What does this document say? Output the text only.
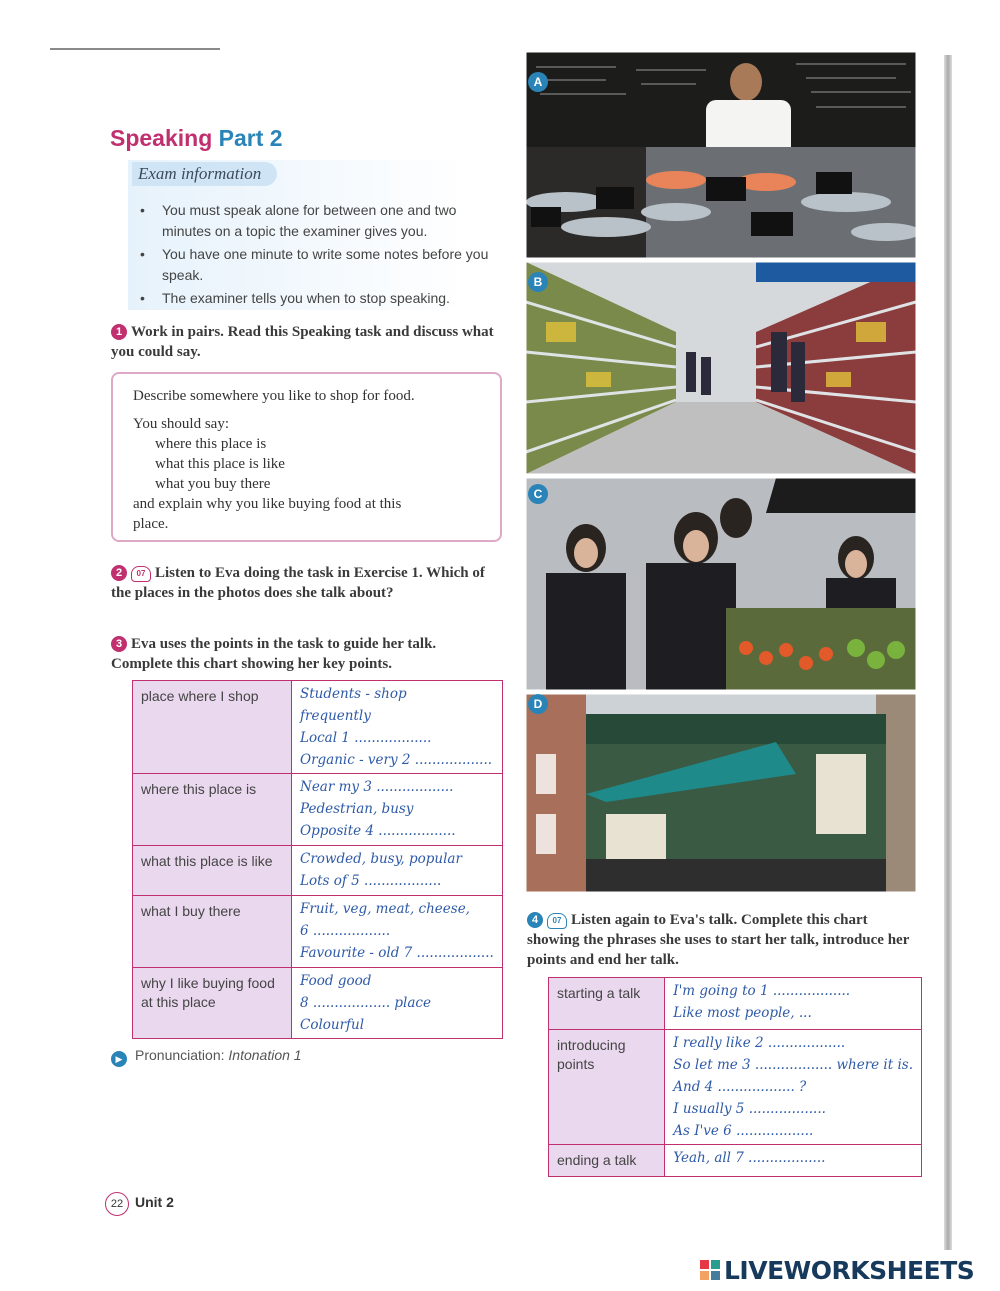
Speaking Part 2
Exam information
• You must speak alone for between one and two minutes on a topic the examiner gives you.
• You have one minute to write some notes before you speak.
• The examiner tells you when to stop speaking.
1 Work in pairs. Read this Speaking task and discuss what you could say.
Describe somewhere you like to shop for food.
You should say:
where this place is
what this place is like
what you buy there
and explain why you like buying food at this
place.
2 07 Listen to Eva doing the task in Exercise 1. Which of the places in the photos does she talk about?
3 Eva uses the points in the task to guide her talk. Complete this chart showing her key points.
place where I shop	Students - shop
frequently
Local 1 ..................
Organic - very 2 ..................

where this place is	Near my 3 ..................
Pedestrian, busy
Opposite 4 ..................

what this place is like	Crowded, busy, popular
Lots of 5 ..................

what I buy there	Fruit, veg, meat, cheese,
6 ..................
Favourite - old 7 ..................

why I like buying food at this place	Food good
8 .................. place
Colourful
▶ Pronunciation: Intonation 1
A
B
C
D
4 07 Listen again to Eva's talk. Complete this chart showing the phrases she uses to start her talk, introduce her points and end her talk.
starting a talk	I'm going to 1 ..................
Like most people, ...

introducing points	I really like 2 ..................
So let me 3 .................. where it is.
And 4 .................. ?
I usually 5 ..................
As I've 6 ..................

ending a talk	Yeah, all 7 ..................
22 Unit 2
LIVEWORKSHEETS
